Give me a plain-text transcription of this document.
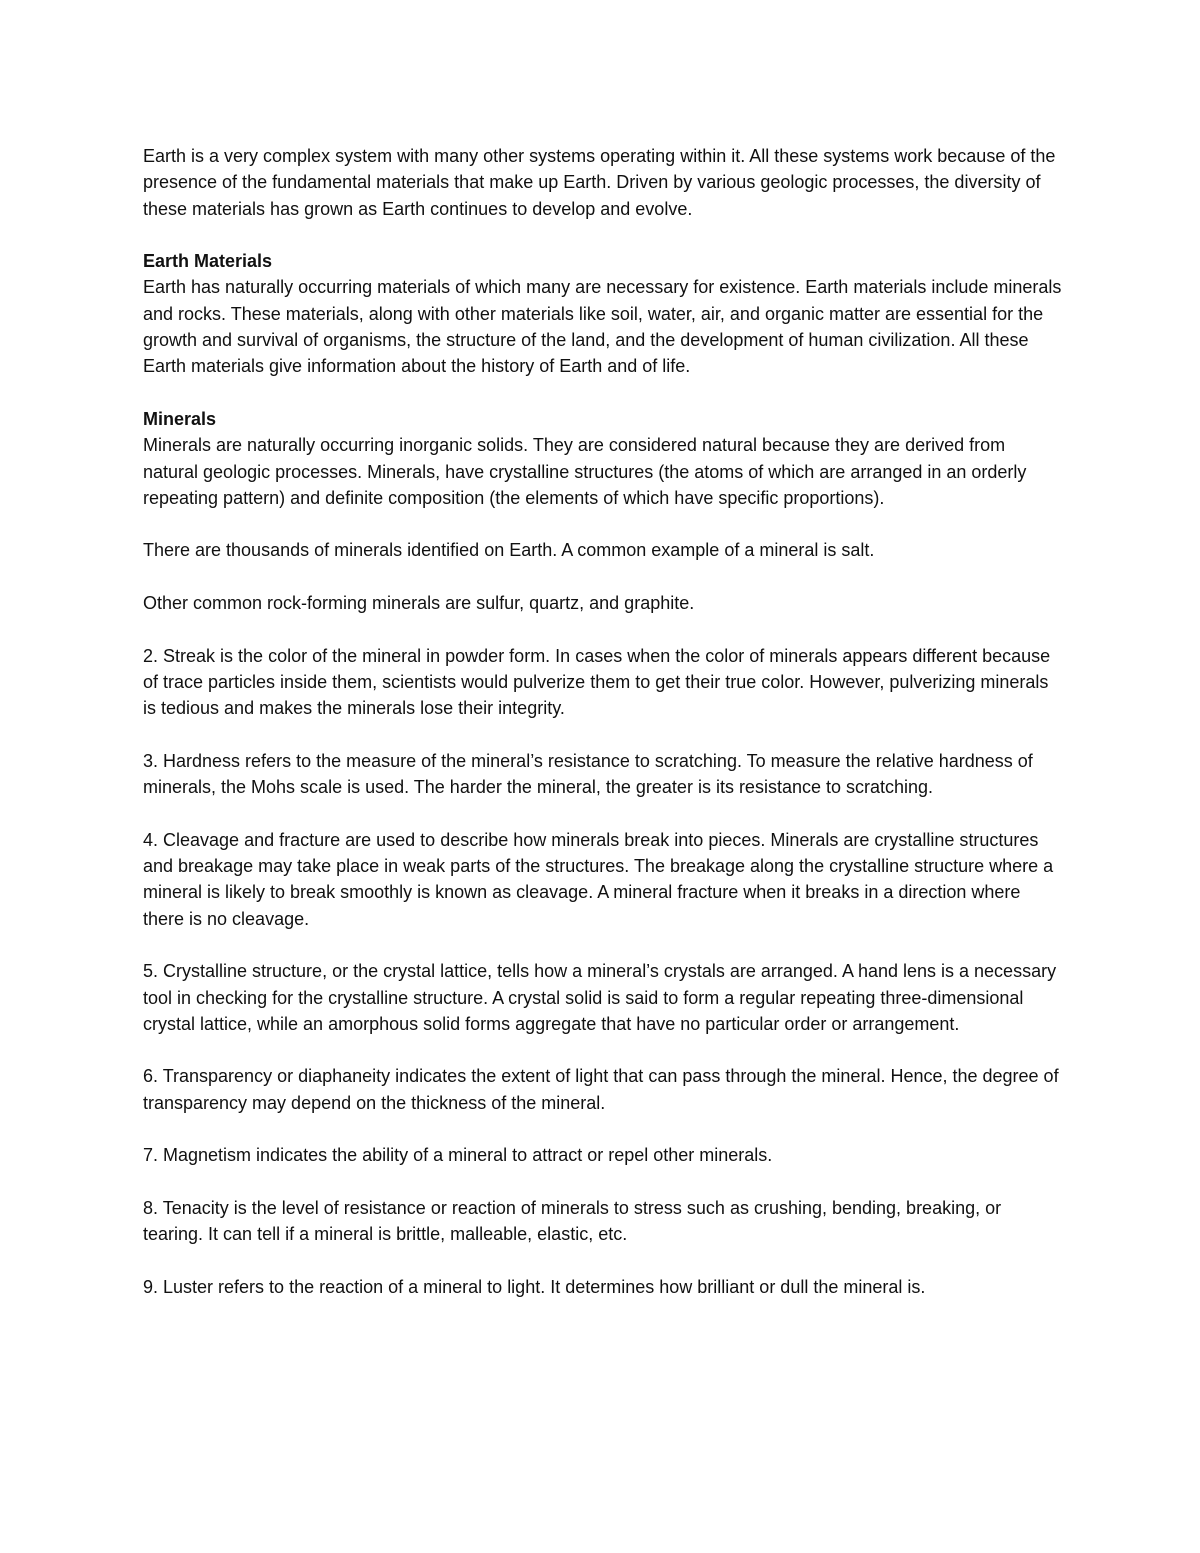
Earth is a very complex system with many other systems operating within it. All these systems work because of the presence of the fundamental materials that make up Earth. Driven by various geologic processes, the diversity of these materials has grown as Earth continues to develop and evolve.

Earth Materials
Earth has naturally occurring materials of which many are necessary for existence. Earth materials include minerals and rocks. These materials, along with other materials like soil, water, air, and organic matter are essential for the growth and survival of organisms, the structure of the land, and the development of human civilization. All these Earth materials give information about the history of Earth and of life.

Minerals
Minerals are naturally occurring inorganic solids. They are considered natural because they are derived from natural geologic processes. Minerals, have crystalline structures (the atoms of which are arranged in an orderly repeating pattern) and definite composition (the elements of which have specific proportions).

There are thousands of minerals identified on Earth. A common example of a mineral is salt.

Other common rock-forming minerals are sulfur, quartz, and graphite.

2. Streak is the color of the mineral in powder form. In cases when the color of minerals appears different because of trace particles inside them, scientists would pulverize them to get their true color. However, pulverizing minerals is tedious and makes the minerals lose their integrity.

3. Hardness refers to the measure of the mineral’s resistance to scratching. To measure the relative hardness of minerals, the Mohs scale is used. The harder the mineral, the greater is its resistance to scratching.

4. Cleavage and fracture are used to describe how minerals break into pieces. Minerals are crystalline structures and breakage may take place in weak parts of the structures. The breakage along the crystalline structure where a mineral is likely to break smoothly is known as cleavage. A mineral fracture when it breaks in a direction where there is no cleavage.

5. Crystalline structure, or the crystal lattice, tells how a mineral’s crystals are arranged. A hand lens is a necessary tool in checking for the crystalline structure. A crystal solid is said to form a regular repeating three-dimensional crystal lattice, while an amorphous solid forms aggregate that have no particular order or arrangement.

6. Transparency or diaphaneity indicates the extent of light that can pass through the mineral. Hence, the degree of transparency may depend on the thickness of the mineral.

7. Magnetism indicates the ability of a mineral to attract or repel other minerals.

8. Tenacity is the level of resistance or reaction of minerals to stress such as crushing, bending, breaking, or tearing. It can tell if a mineral is brittle, malleable, elastic, etc.

9. Luster refers to the reaction of a mineral to light. It determines how brilliant or dull the mineral is.
